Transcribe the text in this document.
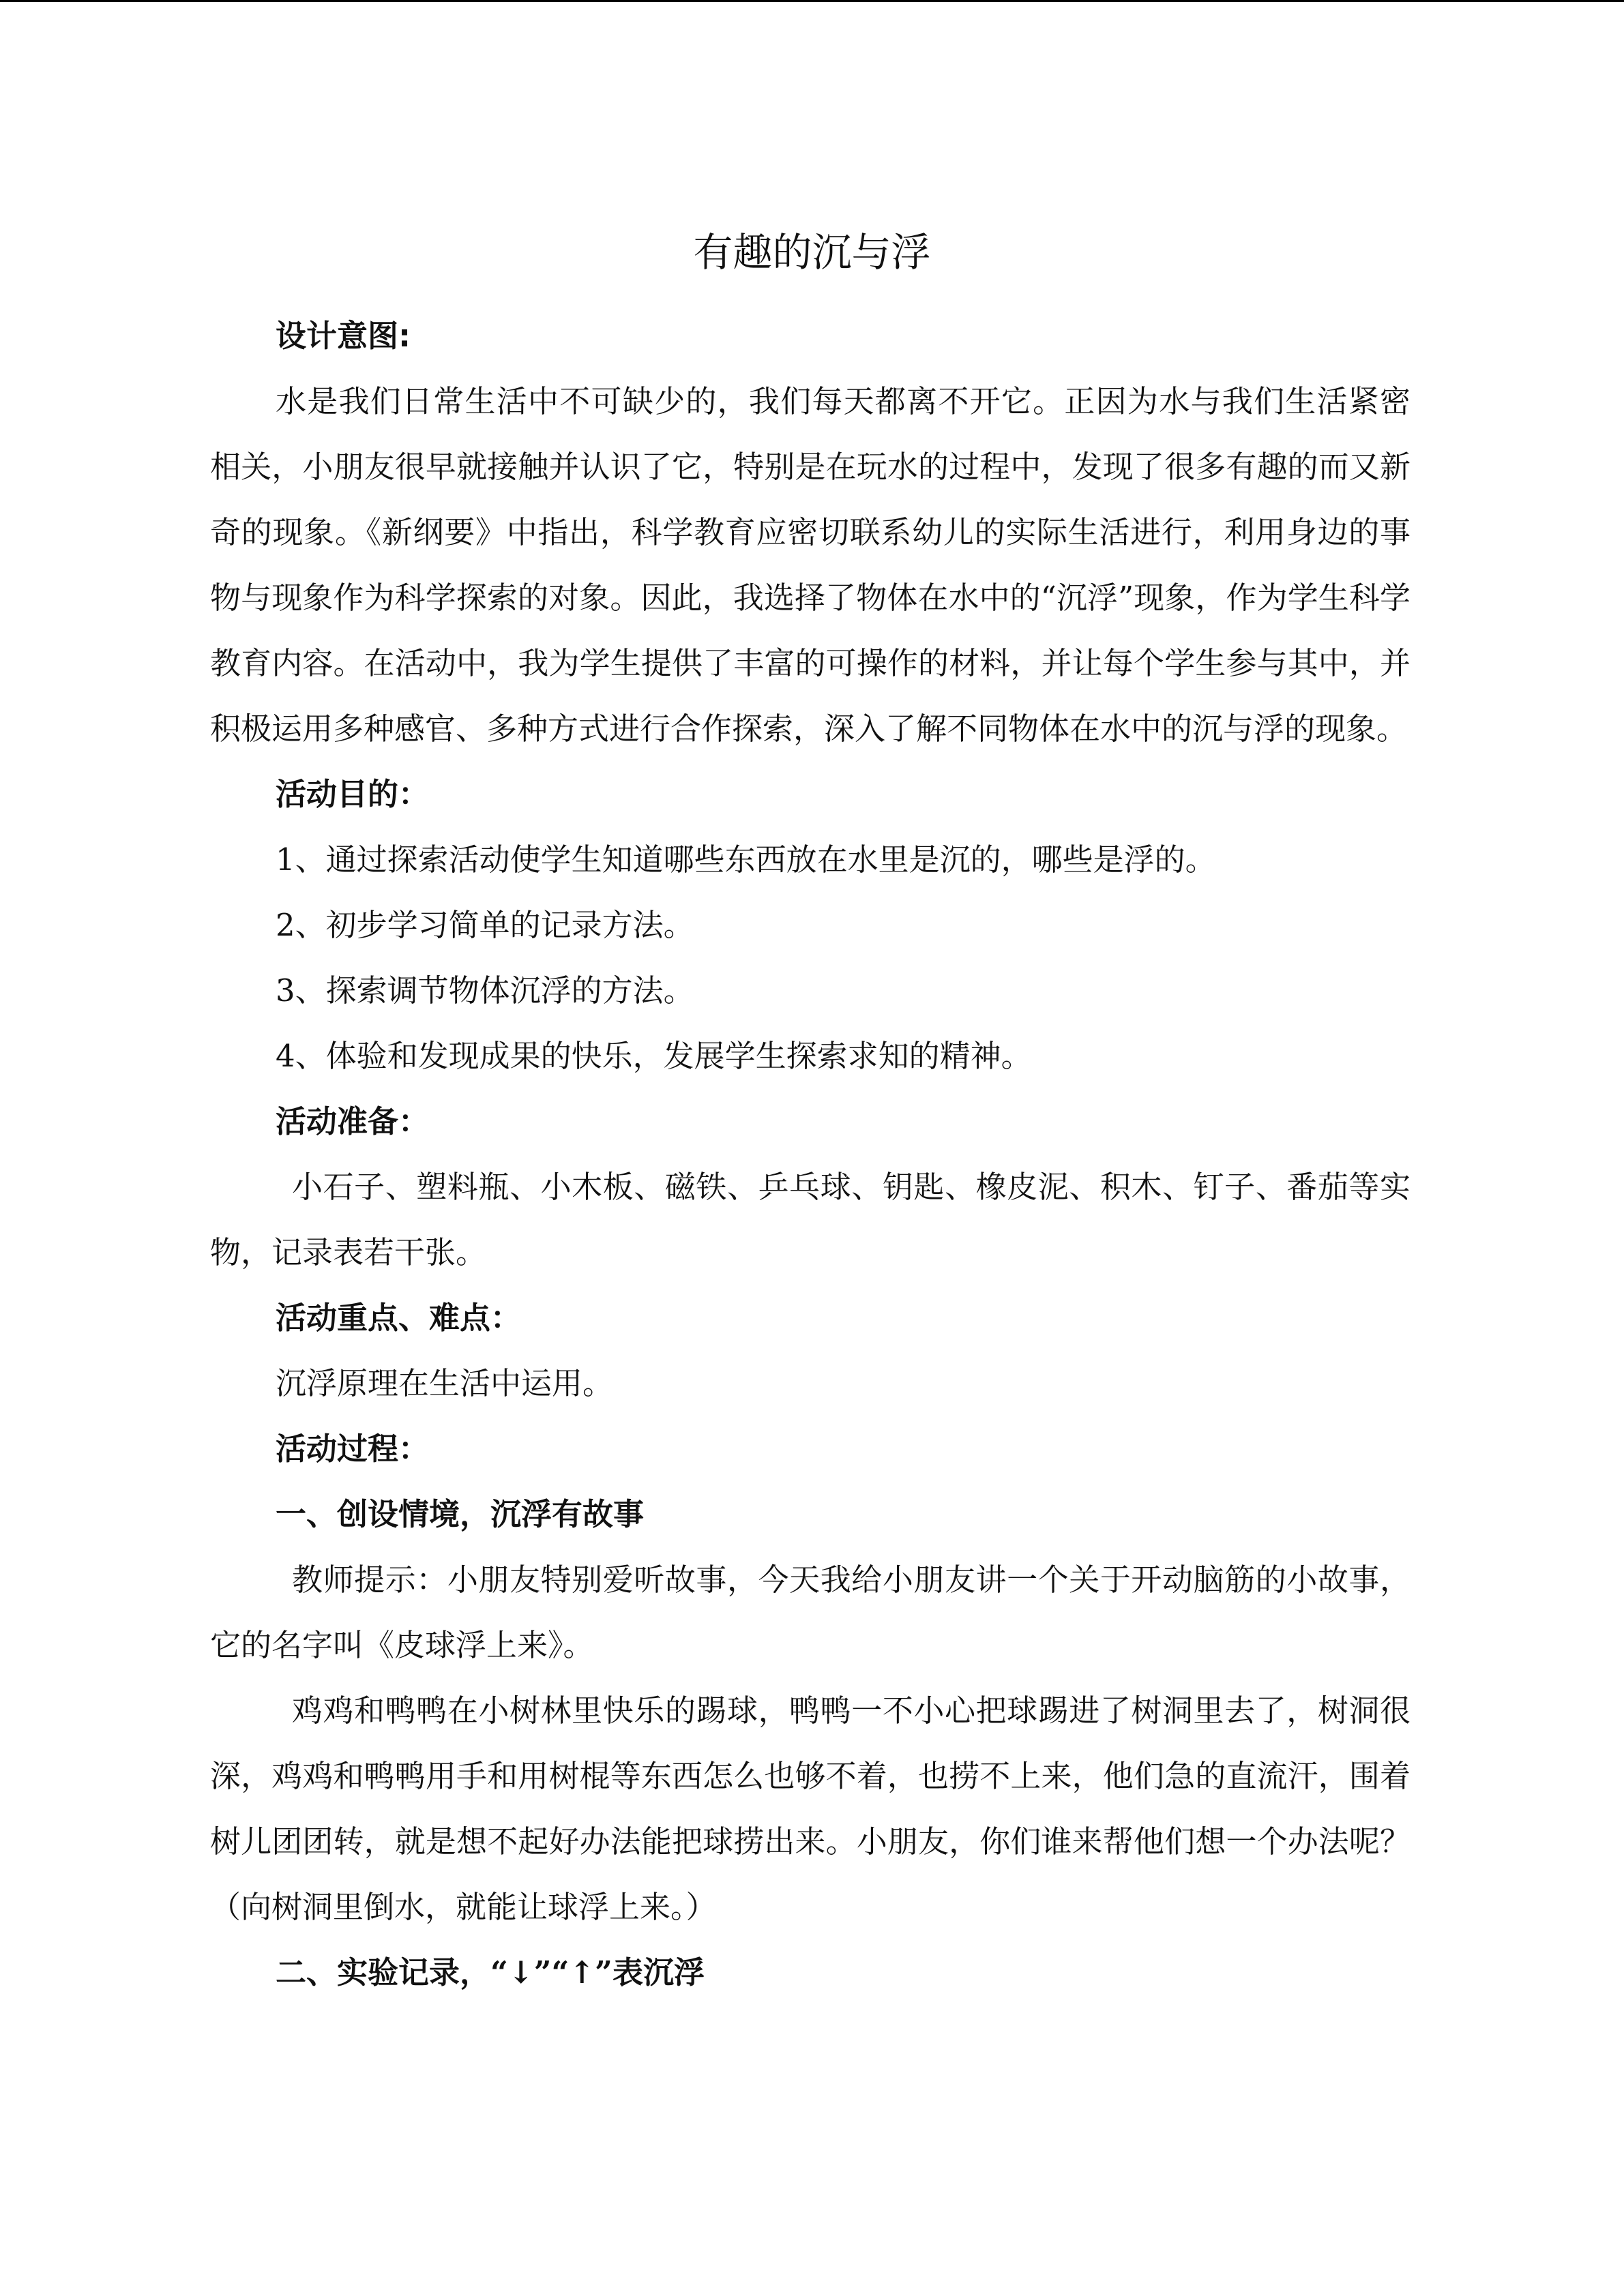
有趣的沉与浮

设计意图:

水是我们日常生活中不可缺少的，我们每天都离不开它。正因为水与我们生活紧密相关，小朋友很早就接触并认识了它，特别是在玩水的过程中，发现了很多有趣的而又新奇的现象。《新纲要》中指出，科学教育应密切联系幼儿的实际生活进行，利用身边的事物与现象作为科学探索的对象。因此，我选择了物体在水中的“沉浮”现象，作为学生科学教育内容。在活动中，我为学生提供了丰富的可操作的材料，并让每个学生参与其中，并积极运用多种感官、多种方式进行合作探索，深入了解不同物体在水中的沉与浮的现象。

活动目的：

1、通过探索活动使学生知道哪些东西放在水里是沉的，哪些是浮的。

2、初步学习简单的记录方法。

3、探索调节物体沉浮的方法。

4、体验和发现成果的快乐，发展学生探索求知的精神。

活动准备：

小石子、塑料瓶、小木板、磁铁、乒乓球、钥匙、橡皮泥、积木、钉子、番茄等实物，记录表若干张。

活动重点、难点：

沉浮原理在生活中运用。

活动过程：

一、创设情境，沉浮有故事

教师提示：小朋友特别爱听故事，今天我给小朋友讲一个关于开动脑筋的小故事，它的名字叫《皮球浮上来》。

鸡鸡和鸭鸭在小树林里快乐的踢球，鸭鸭一不小心把球踢进了树洞里去了，树洞很深，鸡鸡和鸭鸭用手和用树棍等东西怎么也够不着，也捞不上来，他们急的直流汗，围着树儿团团转，就是想不起好办法能把球捞出来。小朋友，你们谁来帮他们想一个办法呢？（向树洞里倒水，就能让球浮上来。）

二、实验记录，“↓”“↑”表沉浮
